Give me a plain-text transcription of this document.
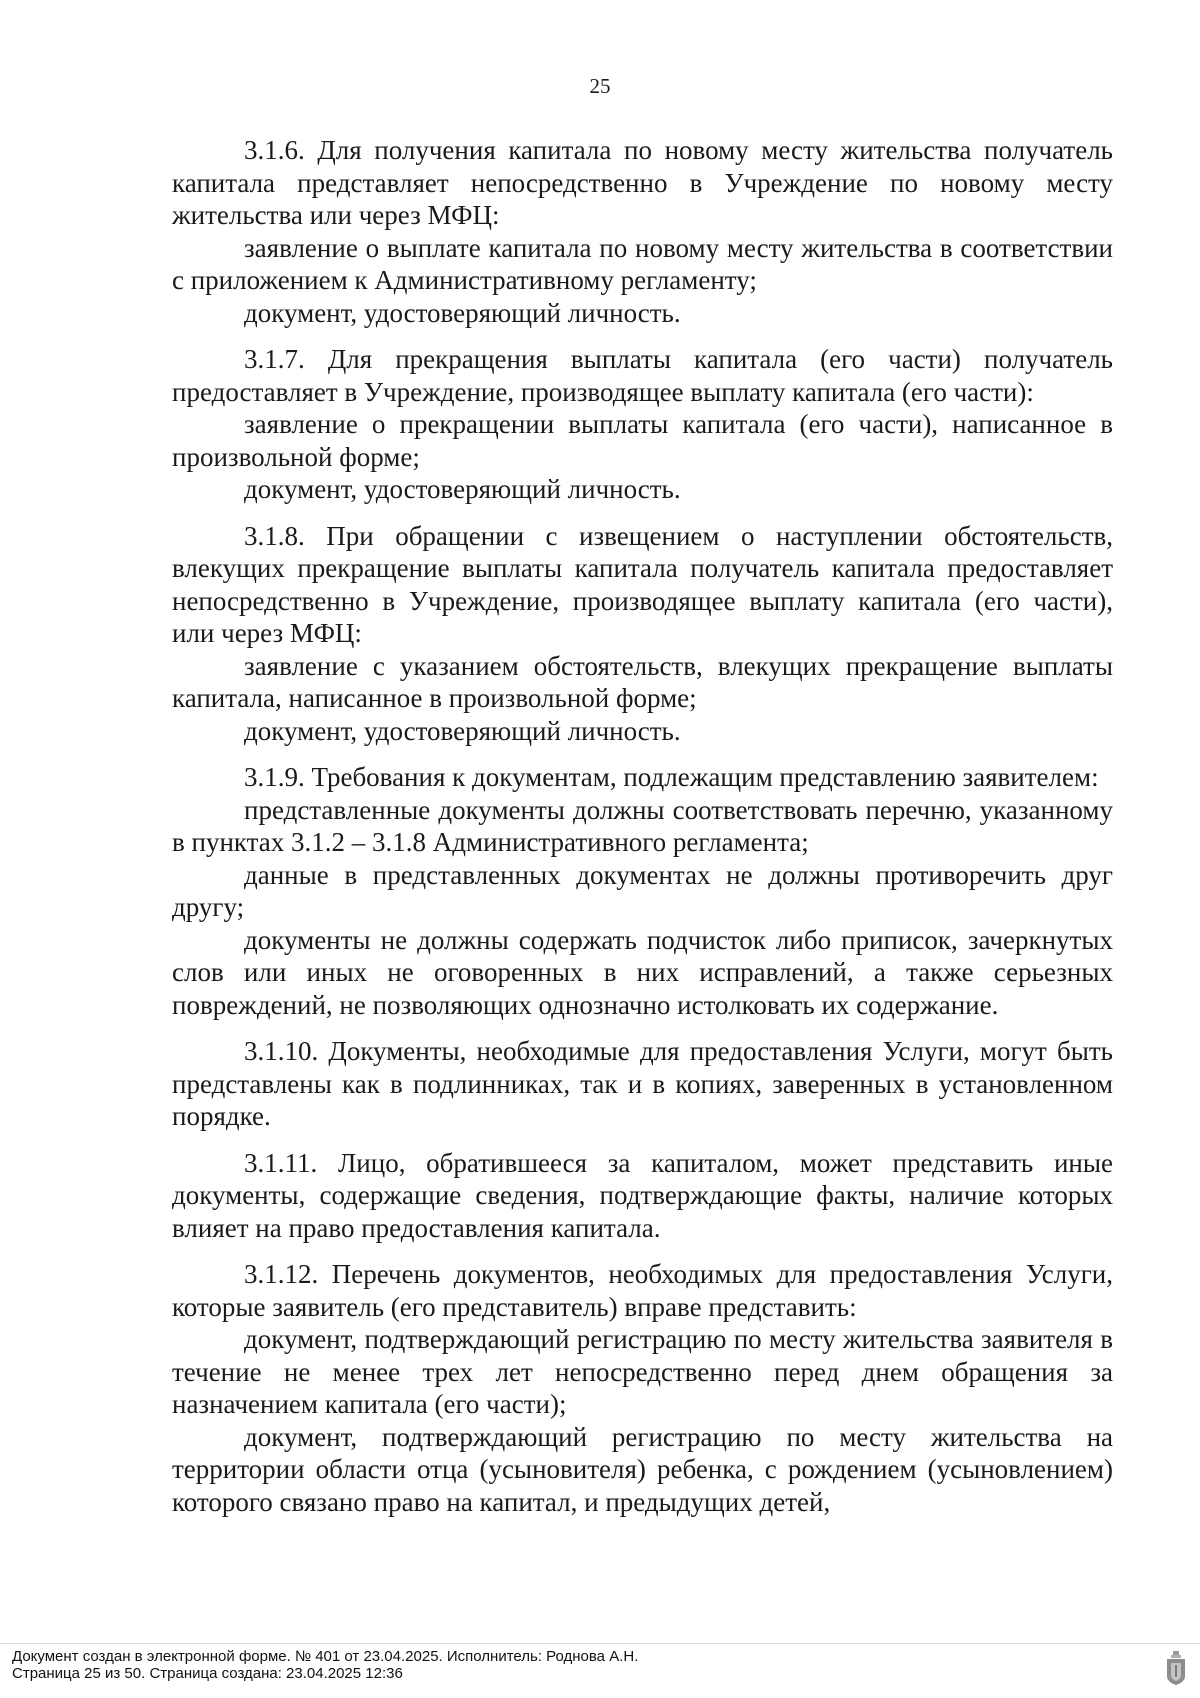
25

3.1.6. Для получения капитала по новому месту жительства получатель капитала представляет непосредственно в Учреждение по новому месту жительства или через МФЦ:

заявление о выплате капитала по новому месту жительства в соответствии с приложением к Административному регламенту;

документ, удостоверяющий личность.

3.1.7. Для прекращения выплаты капитала (его части) получатель предоставляет в Учреждение, производящее выплату капитала (его части):

заявление о прекращении выплаты капитала (его части), написанное в произвольной форме;

документ, удостоверяющий личность.

3.1.8. При обращении с извещением о наступлении обстоятельств, влекущих прекращение выплаты капитала получатель капитала предоставляет непосредственно в Учреждение, производящее выплату капитала (его части), или через МФЦ:

заявление с указанием обстоятельств, влекущих прекращение выплаты капитала, написанное в произвольной форме;

документ, удостоверяющий личность.

3.1.9. Требования к документам, подлежащим представлению заявителем:

представленные документы должны соответствовать перечню, указанному в пунктах 3.1.2 – 3.1.8 Административного регламента;

данные в представленных документах не должны противоречить друг другу;

документы не должны содержать подчисток либо приписок, зачеркнутых слов или иных не оговоренных в них исправлений, а также серьезных повреждений, не позволяющих однозначно истолковать их содержание.

3.1.10. Документы, необходимые для предоставления Услуги, могут быть представлены как в подлинниках, так и в копиях, заверенных в установленном порядке.

3.1.11. Лицо, обратившееся за капиталом, может представить иные документы, содержащие сведения, подтверждающие факты, наличие которых влияет на право предоставления капитала.

3.1.12. Перечень документов, необходимых для предоставления Услуги, которые заявитель (его представитель) вправе представить:

документ, подтверждающий регистрацию по месту жительства заявителя в течение не менее трех лет непосредственно перед днем обращения за назначением капитала (его части);

документ, подтверждающий регистрацию по месту жительства на территории области отца (усыновителя) ребенка, с рождением (усыновлением) которого связано право на капитал, и предыдущих детей,

Документ создан в электронной форме. № 401 от 23.04.2025. Исполнитель: Роднова А.Н.
Страница 25 из 50. Страница создана: 23.04.2025 12:36
